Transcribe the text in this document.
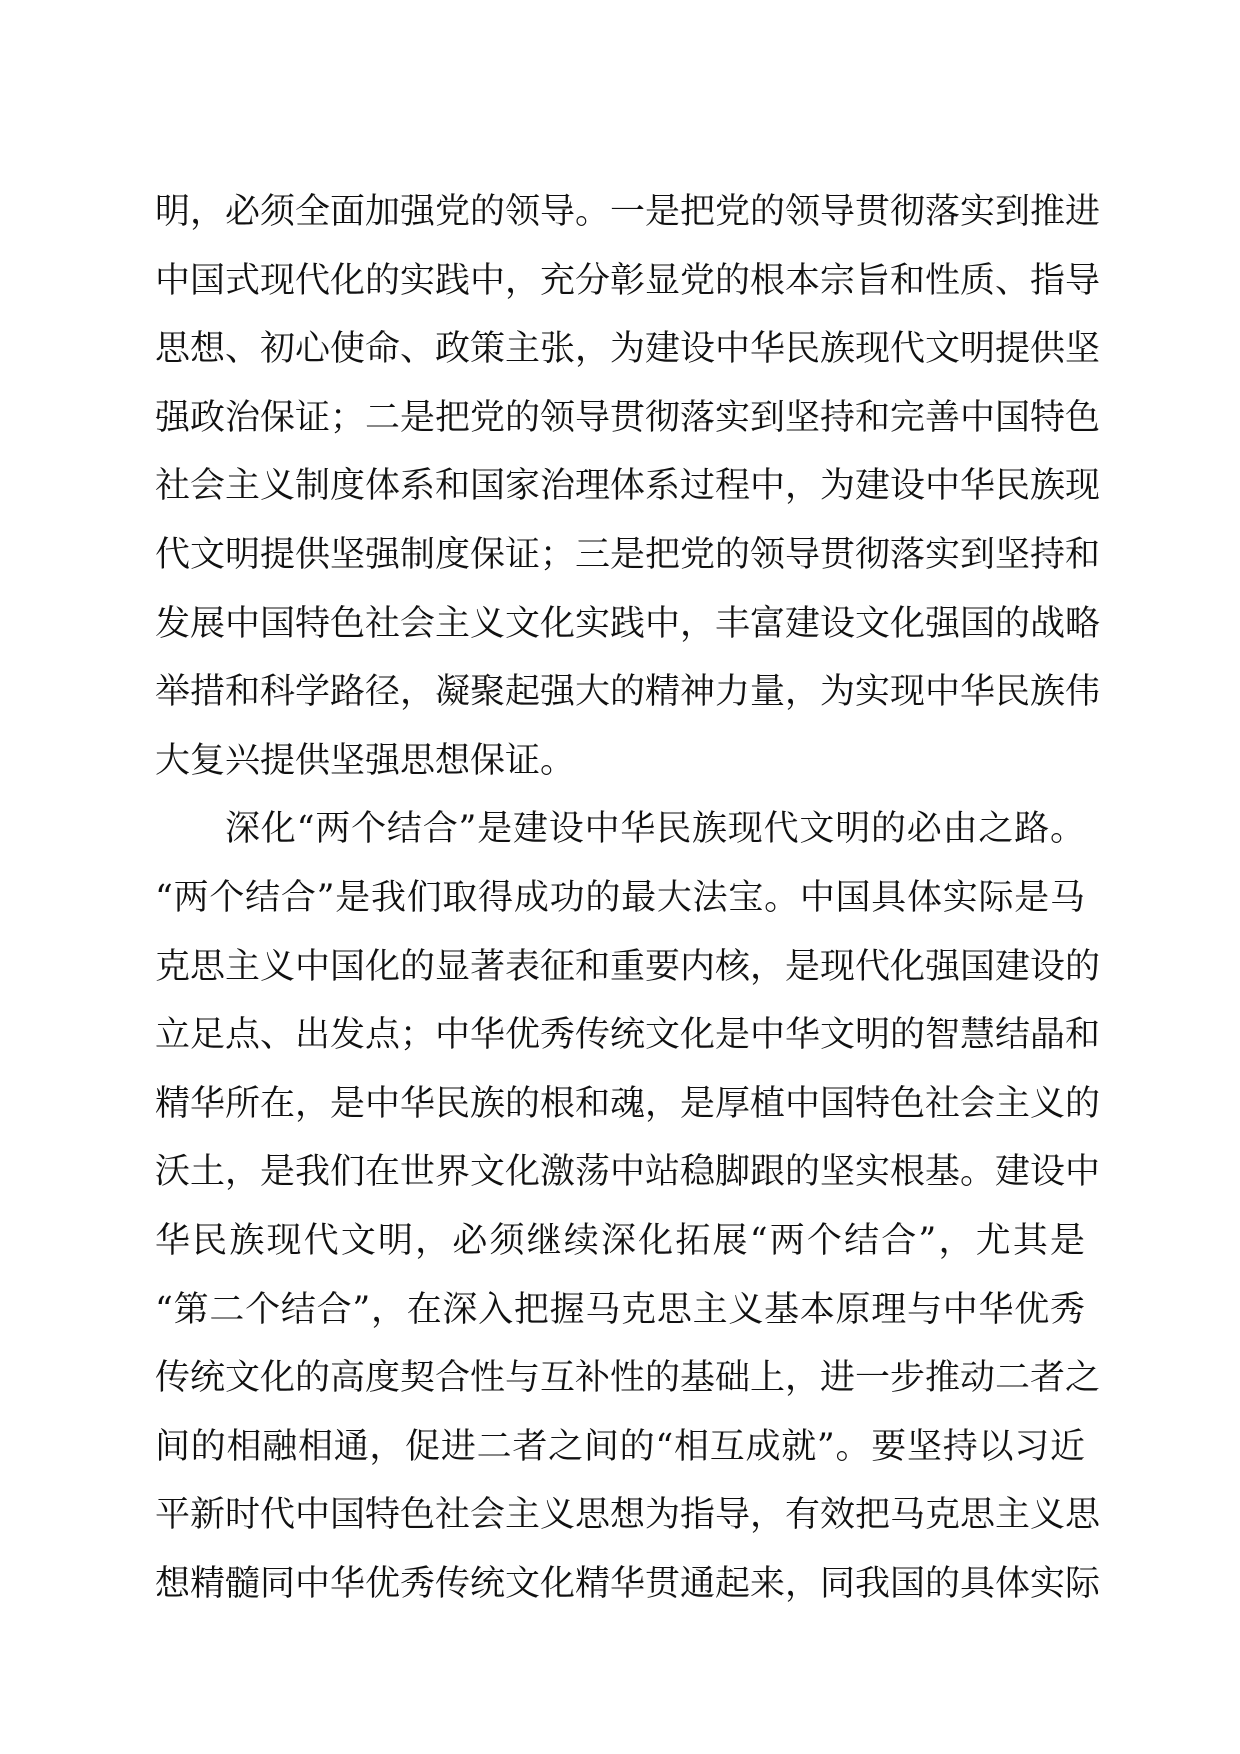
明，必须全面加强党的领导。一是把党的领导贯彻落实到推进
中国式现代化的实践中，充分彰显党的根本宗旨和性质、指导
思想、初心使命、政策主张，为建设中华民族现代文明提供坚
强政治保证；二是把党的领导贯彻落实到坚持和完善中国特色
社会主义制度体系和国家治理体系过程中，为建设中华民族现
代文明提供坚强制度保证；三是把党的领导贯彻落实到坚持和
发展中国特色社会主义文化实践中，丰富建设文化强国的战略
举措和科学路径，凝聚起强大的精神力量，为实现中华民族伟
大复兴提供坚强思想保证。
深化“两个结合”是建设中华民族现代文明的必由之路。
“两个结合”是我们取得成功的最大法宝。中国具体实际是马
克思主义中国化的显著表征和重要内核，是现代化强国建设的
立足点、出发点；中华优秀传统文化是中华文明的智慧结晶和
精华所在，是中华民族的根和魂，是厚植中国特色社会主义的
沃土，是我们在世界文化激荡中站稳脚跟的坚实根基。建设中
华民族现代文明，必须继续深化拓展“两个结合”，尤其是
“第二个结合”，在深入把握马克思主义基本原理与中华优秀
传统文化的高度契合性与互补性的基础上，进一步推动二者之
间的相融相通，促进二者之间的“相互成就”。要坚持以习近
平新时代中国特色社会主义思想为指导，有效把马克思主义思
想精髓同中华优秀传统文化精华贯通起来，同我国的具体实际
